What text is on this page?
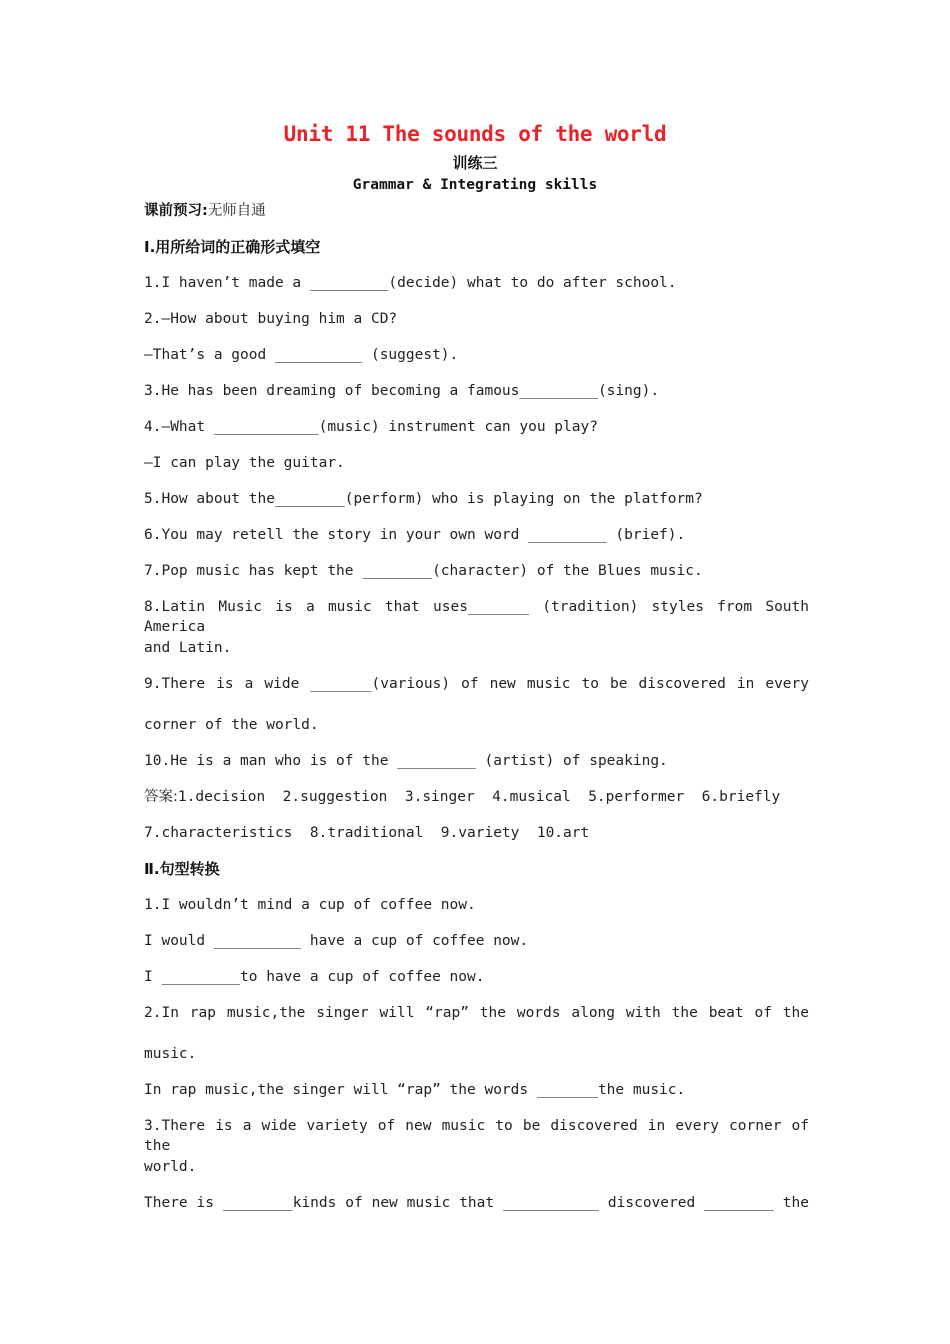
Unit 11 The sounds of the world
训练三
Grammar & Integrating skills
课前预习:无师自通
Ⅰ.用所给词的正确形式填空
1.I haven’t made a _________(decide) what to do after school.
2.—How about buying him a CD?
—That’s a good __________ (suggest).
3.He has been dreaming of becoming a famous_________(sing).
4.—What ____________(music) instrument can you play?
—I can play the guitar.
5.How about the________(perform) who is playing on the platform?
6.You may retell the story in your own word _________ (brief).
7.Pop music has kept the ________(character) of the Blues music.
8.Latin Music is a music that uses_______ (tradition) styles from South America
and Latin.
9.There is a wide _______(various) of new music to be discovered in every
corner of the world.
10.He is a man who is of the _________ (artist) of speaking.
答案:1.decision  2.suggestion  3.singer  4.musical  5.performer  6.briefly
7.characteristics  8.traditional  9.variety  10.art
Ⅱ.句型转换
1.I wouldn’t mind a cup of coffee now.
I would __________ have a cup of coffee now.
I _________to have a cup of coffee now.
2.In rap music,the singer will “rap” the words along with the beat of the
music.
In rap music,the singer will “rap” the words _______the music.
3.There is a wide variety of new music to be discovered in every corner of the
world.
There is ________kinds of new music that ___________ discovered ________ the
